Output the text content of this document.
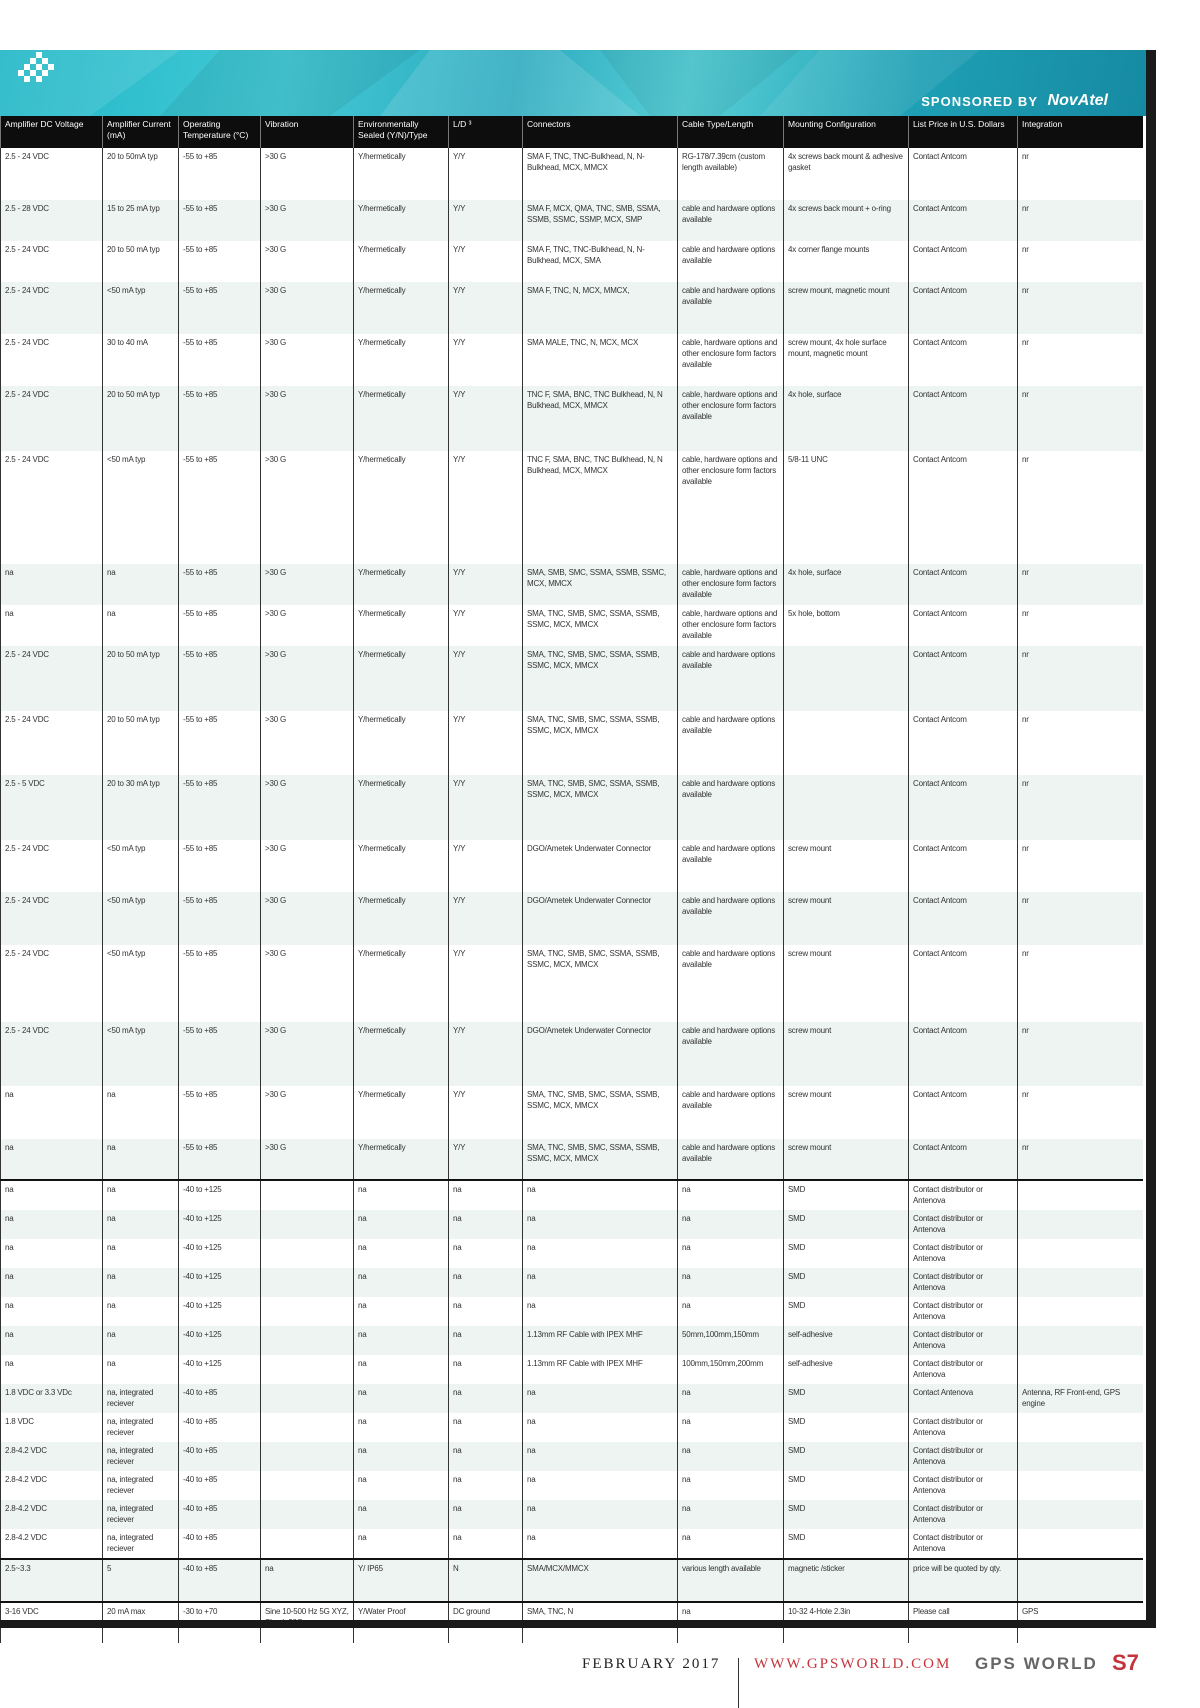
SPONSORED BY NovAtel
Amplifier DC Voltage	Amplifier Current (mA)	Operating Temperature (°C)	Vibration	Environmentally Sealed (Y/N)/Type	L/D ³	Connectors	Cable Type/Length	Mounting Configuration	List Price in U.S. Dollars	Integration
2.5 - 24 VDC	20 to 50mA typ	-55 to +85	>30 G	Y/hermetically	Y/Y	SMA F, TNC, TNC-Bulkhead, N, N-Bulkhead, MCX, MMCX	RG-178/7.39cm (custom length available)	4x screws back mount & adhesive gasket	Contact Antcom	nr
2.5 - 28 VDC	15 to 25 mA typ	-55 to +85	>30 G	Y/hermetically	Y/Y	SMA F, MCX, QMA, TNC, SMB, SSMA, SSMB, SSMC, SSMP, MCX, SMP	cable and hardware options available	4x screws back mount + o-ring	Contact Antcom	nr
2.5 - 24 VDC	20 to 50 mA typ	-55 to +85	>30 G	Y/hermetically	Y/Y	SMA F, TNC, TNC-Bulkhead, N, N-Bulkhead, MCX, SMA	cable and hardware options available	4x corner flange mounts	Contact Antcom	nr
2.5 - 24 VDC	<50 mA typ	-55 to +85	>30 G	Y/hermetically	Y/Y	SMA F, TNC, N, MCX, MMCX,	cable and hardware options available	screw mount, magnetic mount	Contact Antcom	nr
2.5 - 24 VDC	30 to 40 mA	-55 to +85	>30 G	Y/hermetically	Y/Y	SMA MALE, TNC, N, MCX, MCX	cable, hardware options and other enclosure form factors available	screw mount, 4x hole surface mount, magnetic mount	Contact Antcom	nr
2.5 - 24 VDC	20 to 50 mA typ	-55 to +85	>30 G	Y/hermetically	Y/Y	TNC F, SMA, BNC, TNC Bulkhead, N, N Bulkhead, MCX, MMCX	cable, hardware options and other enclosure form factors available	4x hole, surface	Contact Antcom	nr
2.5 - 24 VDC	<50 mA typ	-55 to +85	>30 G	Y/hermetically	Y/Y	TNC F, SMA, BNC, TNC Bulkhead, N, N Bulkhead, MCX, MMCX	cable, hardware options and other enclosure form factors available	5/8-11 UNC	Contact Antcom	nr
na	na	-55 to +85	>30 G	Y/hermetically	Y/Y	SMA, SMB, SMC, SSMA, SSMB, SSMC, MCX, MMCX	cable, hardware options and other enclosure form factors available	4x hole, surface	Contact Antcom	nr
na	na	-55 to +85	>30 G	Y/hermetically	Y/Y	SMA, TNC, SMB, SMC, SSMA, SSMB, SSMC, MCX, MMCX	cable, hardware options and other enclosure form factors available	5x hole, bottom	Contact Antcom	nr
2.5 - 24 VDC	20 to 50 mA typ	-55 to +85	>30 G	Y/hermetically	Y/Y	SMA, TNC, SMB, SMC, SSMA, SSMB, SSMC, MCX, MMCX	cable and hardware options available		Contact Antcom	nr
2.5 - 24 VDC	20 to 50 mA typ	-55 to +85	>30 G	Y/hermetically	Y/Y	SMA, TNC, SMB, SMC, SSMA, SSMB, SSMC, MCX, MMCX	cable and hardware options available		Contact Antcom	nr
2.5 - 5 VDC	20 to 30 mA typ	-55 to +85	>30 G	Y/hermetically	Y/Y	SMA, TNC, SMB, SMC, SSMA, SSMB, SSMC, MCX, MMCX	cable and hardware options available		Contact Antcom	nr
2.5 - 24 VDC	<50 mA typ	-55 to +85	>30 G	Y/hermetically	Y/Y	DGO/Ametek Underwater Connector	cable and hardware options available	screw mount	Contact Antcom	nr
2.5 - 24 VDC	<50 mA typ	-55 to +85	>30 G	Y/hermetically	Y/Y	DGO/Ametek Underwater Connector	cable and hardware options available	screw mount	Contact Antcom	nr
2.5 - 24 VDC	<50 mA typ	-55 to +85	>30 G	Y/hermetically	Y/Y	SMA, TNC, SMB, SMC, SSMA, SSMB, SSMC, MCX, MMCX	cable and hardware options available	screw mount	Contact Antcom	nr
2.5 - 24 VDC	<50 mA typ	-55 to +85	>30 G	Y/hermetically	Y/Y	DGO/Ametek Underwater Connector	cable and hardware options available	screw mount	Contact Antcom	nr
na	na	-55 to +85	>30 G	Y/hermetically	Y/Y	SMA, TNC, SMB, SMC, SSMA, SSMB, SSMC, MCX, MMCX	cable and hardware options available	screw mount	Contact Antcom	nr
na	na	-55 to +85	>30 G	Y/hermetically	Y/Y	SMA, TNC, SMB, SMC, SSMA, SSMB, SSMC, MCX, MMCX	cable and hardware options available	screw mount	Contact Antcom	nr
na	na	-40 to +125		na	na	na	na	SMD	Contact distributor or Antenova	
na	na	-40 to +125		na	na	na	na	SMD	Contact distributor or Antenova	
na	na	-40 to +125		na	na	na	na	SMD	Contact distributor or Antenova	
na	na	-40 to +125		na	na	na	na	SMD	Contact distributor or Antenova	
na	na	-40 to +125		na	na	na	na	SMD	Contact distributor or Antenova	
na	na	-40 to +125		na	na	1.13mm RF Cable with IPEX MHF	50mm,100mm,150mm	self-adhesive	Contact distributor or Antenova	
na	na	-40 to +125		na	na	1.13mm RF Cable with IPEX MHF	100mm,150mm,200mm	self-adhesive	Contact distributor or Antenova	
1.8 VDC or 3.3 VDc	na, integrated reciever	-40 to +85		na	na	na	na	SMD	Contact Antenova	Antenna, RF Front-end, GPS engine
1.8 VDC	na, integrated reciever	-40 to +85		na	na	na	na	SMD	Contact distributor or Antenova	
2.8-4.2 VDC	na, integrated reciever	-40 to +85		na	na	na	na	SMD	Contact distributor or Antenova	
2.8-4.2 VDC	na, integrated reciever	-40 to +85		na	na	na	na	SMD	Contact distributor or Antenova	
2.8-4.2 VDC	na, integrated reciever	-40 to +85		na	na	na	na	SMD	Contact distributor or Antenova	
2.8-4.2 VDC	na, integrated reciever	-40 to +85		na	na	na	na	SMD	Contact distributor or Antenova	
2.5~3.3	5	-40 to +85	na	Y/ IP65	N	SMA/MCX/MMCX	various length available	magnetic /sticker	price will be quoted by qty.	
3-16 VDC	20 mA max	-30 to +70	Sine 10-500 Hz 5G XYZ,	Y/Water Proof	DC ground	SMA, TNC, N	na	10-32 4-Hole 2.3in	Please call	GPS
FEBRUARY 2017 WWW.GPSWORLD.COM GPS WORLD S7
